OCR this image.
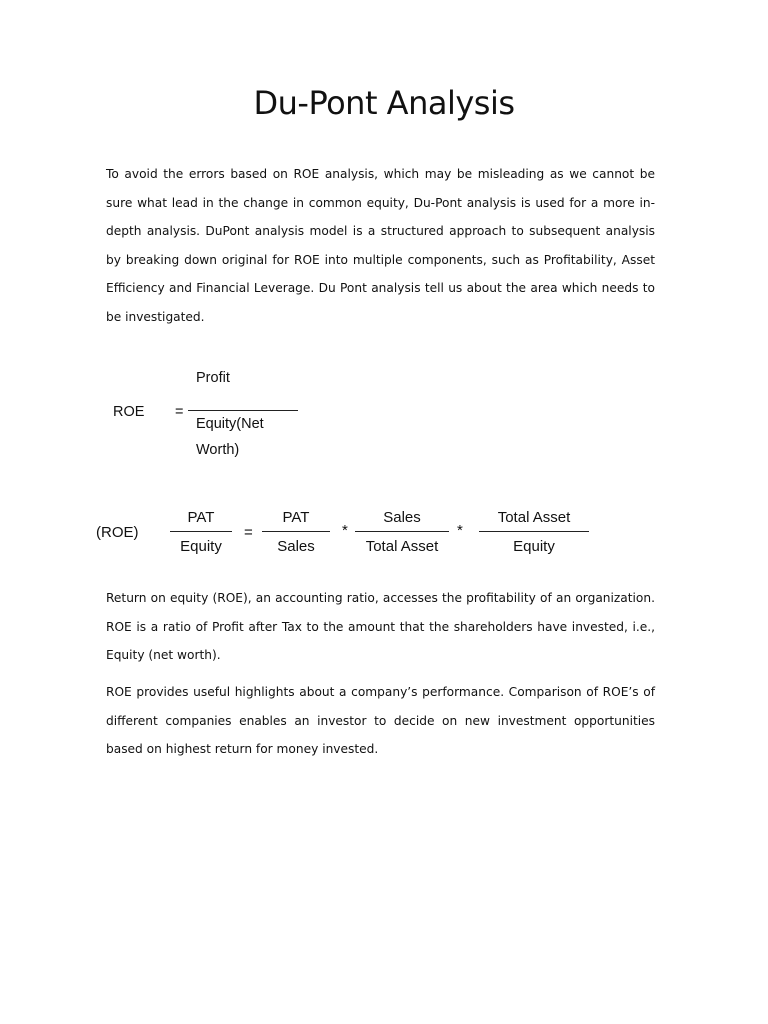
Du-Pont Analysis

To avoid the errors based on ROE analysis, which may be misleading as we cannot be sure what lead in the change in common equity, Du-Pont analysis is used for a more in-depth analysis. DuPont analysis model is a structured approach to subsequent analysis by breaking down original for ROE into multiple components, such as Profitability, Asset Efficiency and Financial Leverage. Du Pont analysis tell us about the area which needs to be investigated.

ROE =
Profit
Equity(Net Worth)
(ROE)
PAT
Equity
=
PAT
Sales
*
Sales
Total Asset
*
Total Asset
Equity

Return on equity (ROE), an accounting ratio, accesses the profitability of an organization. ROE is a ratio of Profit after Tax to the amount that the shareholders have invested, i.e., Equity (net worth).

ROE provides useful highlights about a company’s performance. Comparison of ROE’s of different companies enables an investor to decide on new investment opportunities based on highest return for money invested.
